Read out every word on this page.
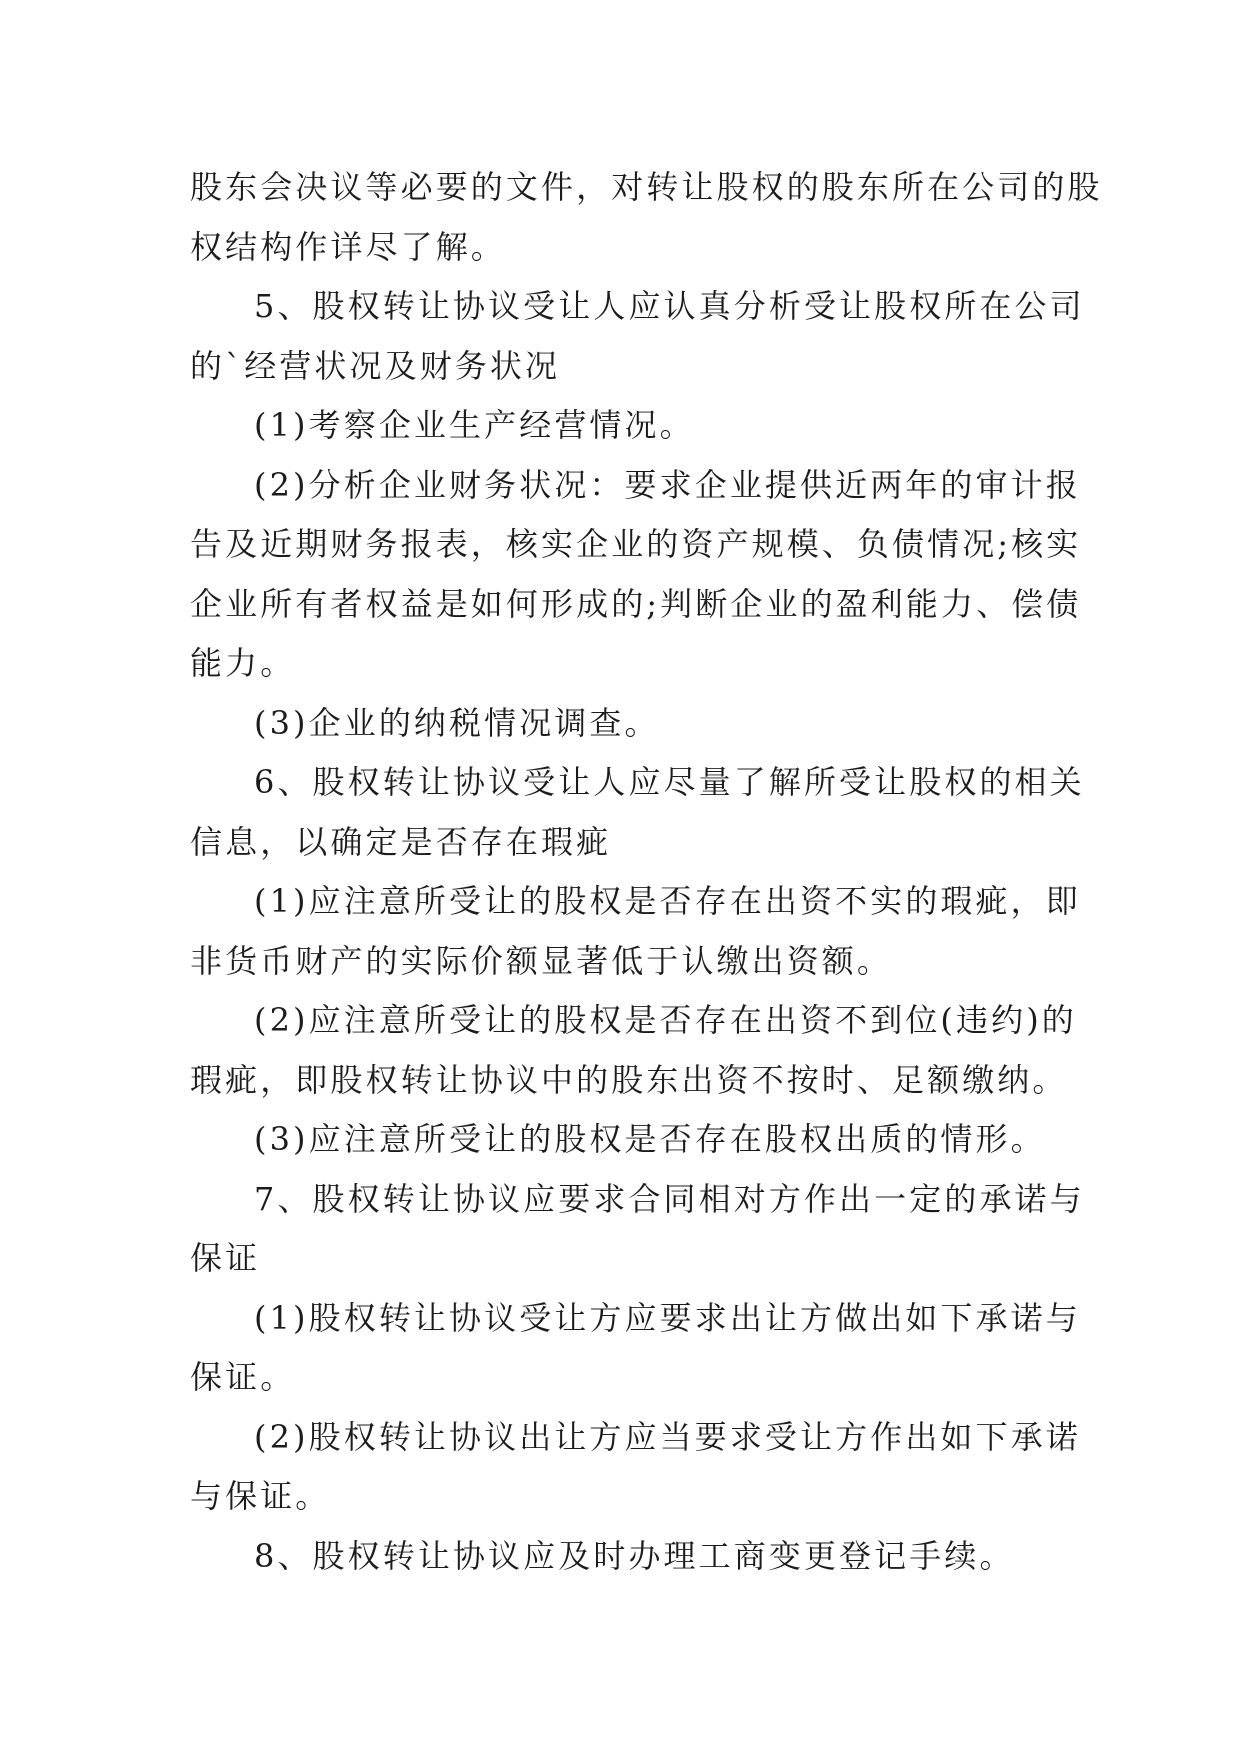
股东会决议等必要的文件，对转让股权的股东所在公司的股
权结构作详尽了解。
5、股权转让协议受让人应认真分析受让股权所在公司
的`经营状况及财务状况
(1)考察企业生产经营情况。
(2)分析企业财务状况：要求企业提供近两年的审计报
告及近期财务报表，核实企业的资产规模、负债情况;核实
企业所有者权益是如何形成的;判断企业的盈利能力、偿债
能力。
(3)企业的纳税情况调查。
6、股权转让协议受让人应尽量了解所受让股权的相关
信息，以确定是否存在瑕疵
(1)应注意所受让的股权是否存在出资不实的瑕疵，即
非货币财产的实际价额显著低于认缴出资额。
(2)应注意所受让的股权是否存在出资不到位(违约)的
瑕疵，即股权转让协议中的股东出资不按时、足额缴纳。
(3)应注意所受让的股权是否存在股权出质的情形。
7、股权转让协议应要求合同相对方作出一定的承诺与
保证
(1)股权转让协议受让方应要求出让方做出如下承诺与
保证。
(2)股权转让协议出让方应当要求受让方作出如下承诺
与保证。
8、股权转让协议应及时办理工商变更登记手续。
